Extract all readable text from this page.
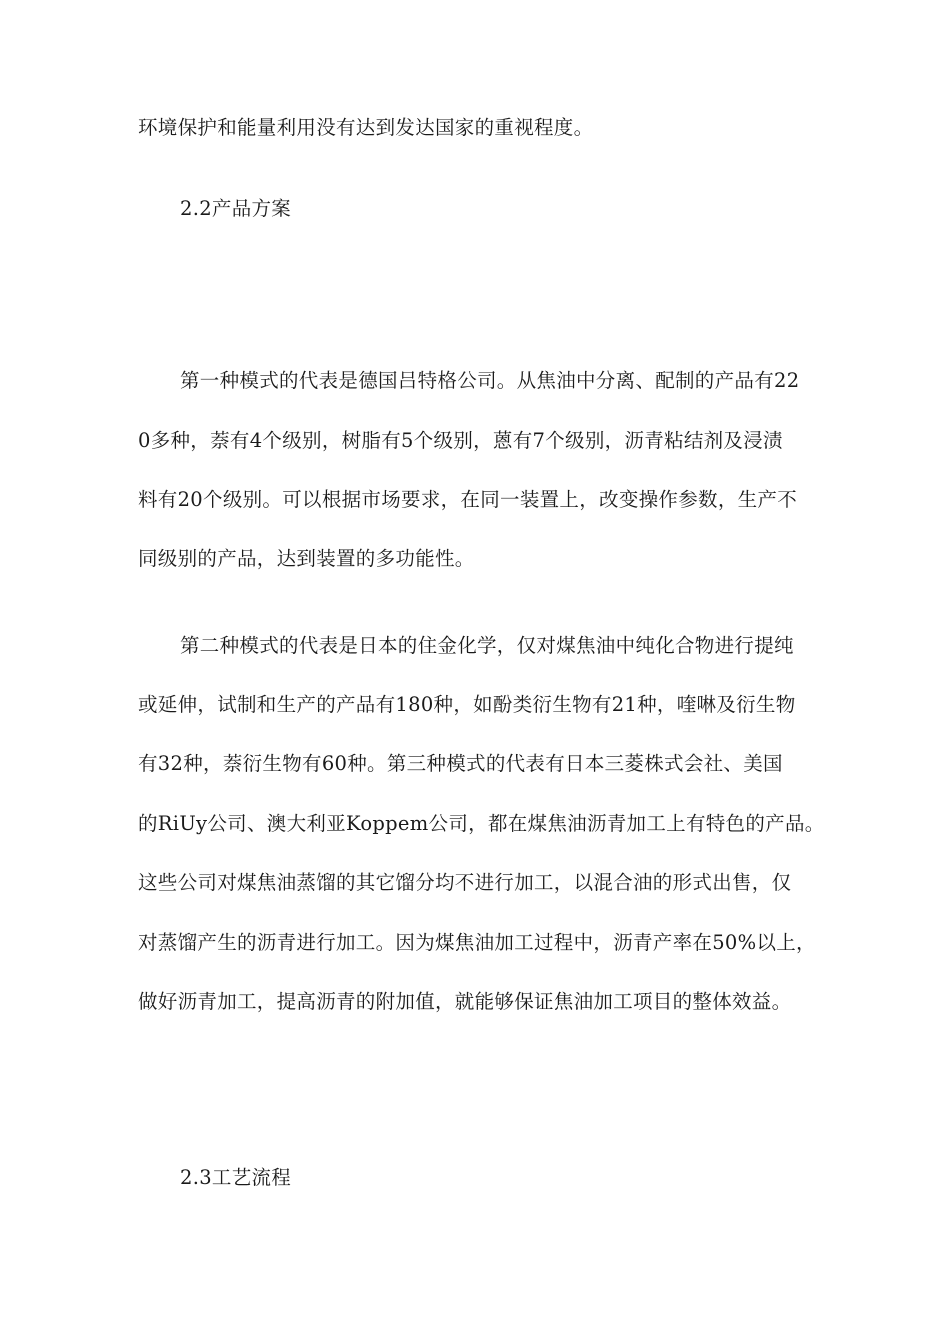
环境保护和能量利用没有达到发达国家的重视程度。
2.2产品方案
第一种模式的代表是德国吕特格公司。从焦油中分离、配制的产品有22
0多种，萘有4个级别，树脂有5个级别，蒽有7个级别，沥青粘结剂及浸渍
料有20个级别。可以根据市场要求，在同一装置上，改变操作参数，生产不
同级别的产品，达到装置的多功能性。
第二种模式的代表是日本的住金化学，仅对煤焦油中纯化合物进行提纯
或延伸，试制和生产的产品有180种，如酚类衍生物有21种，喹啉及衍生物
有32种，萘衍生物有60种。第三种模式的代表有日本三菱株式会社、美国
的RiUy公司、澳大利亚Koppem公司，都在煤焦油沥青加工上有特色的产品。
这些公司对煤焦油蒸馏的其它馏分均不进行加工，以混合油的形式出售，仅
对蒸馏产生的沥青进行加工。因为煤焦油加工过程中，沥青产率在50%以上，
做好沥青加工，提高沥青的附加值，就能够保证焦油加工项目的整体效益。
2.3工艺流程
